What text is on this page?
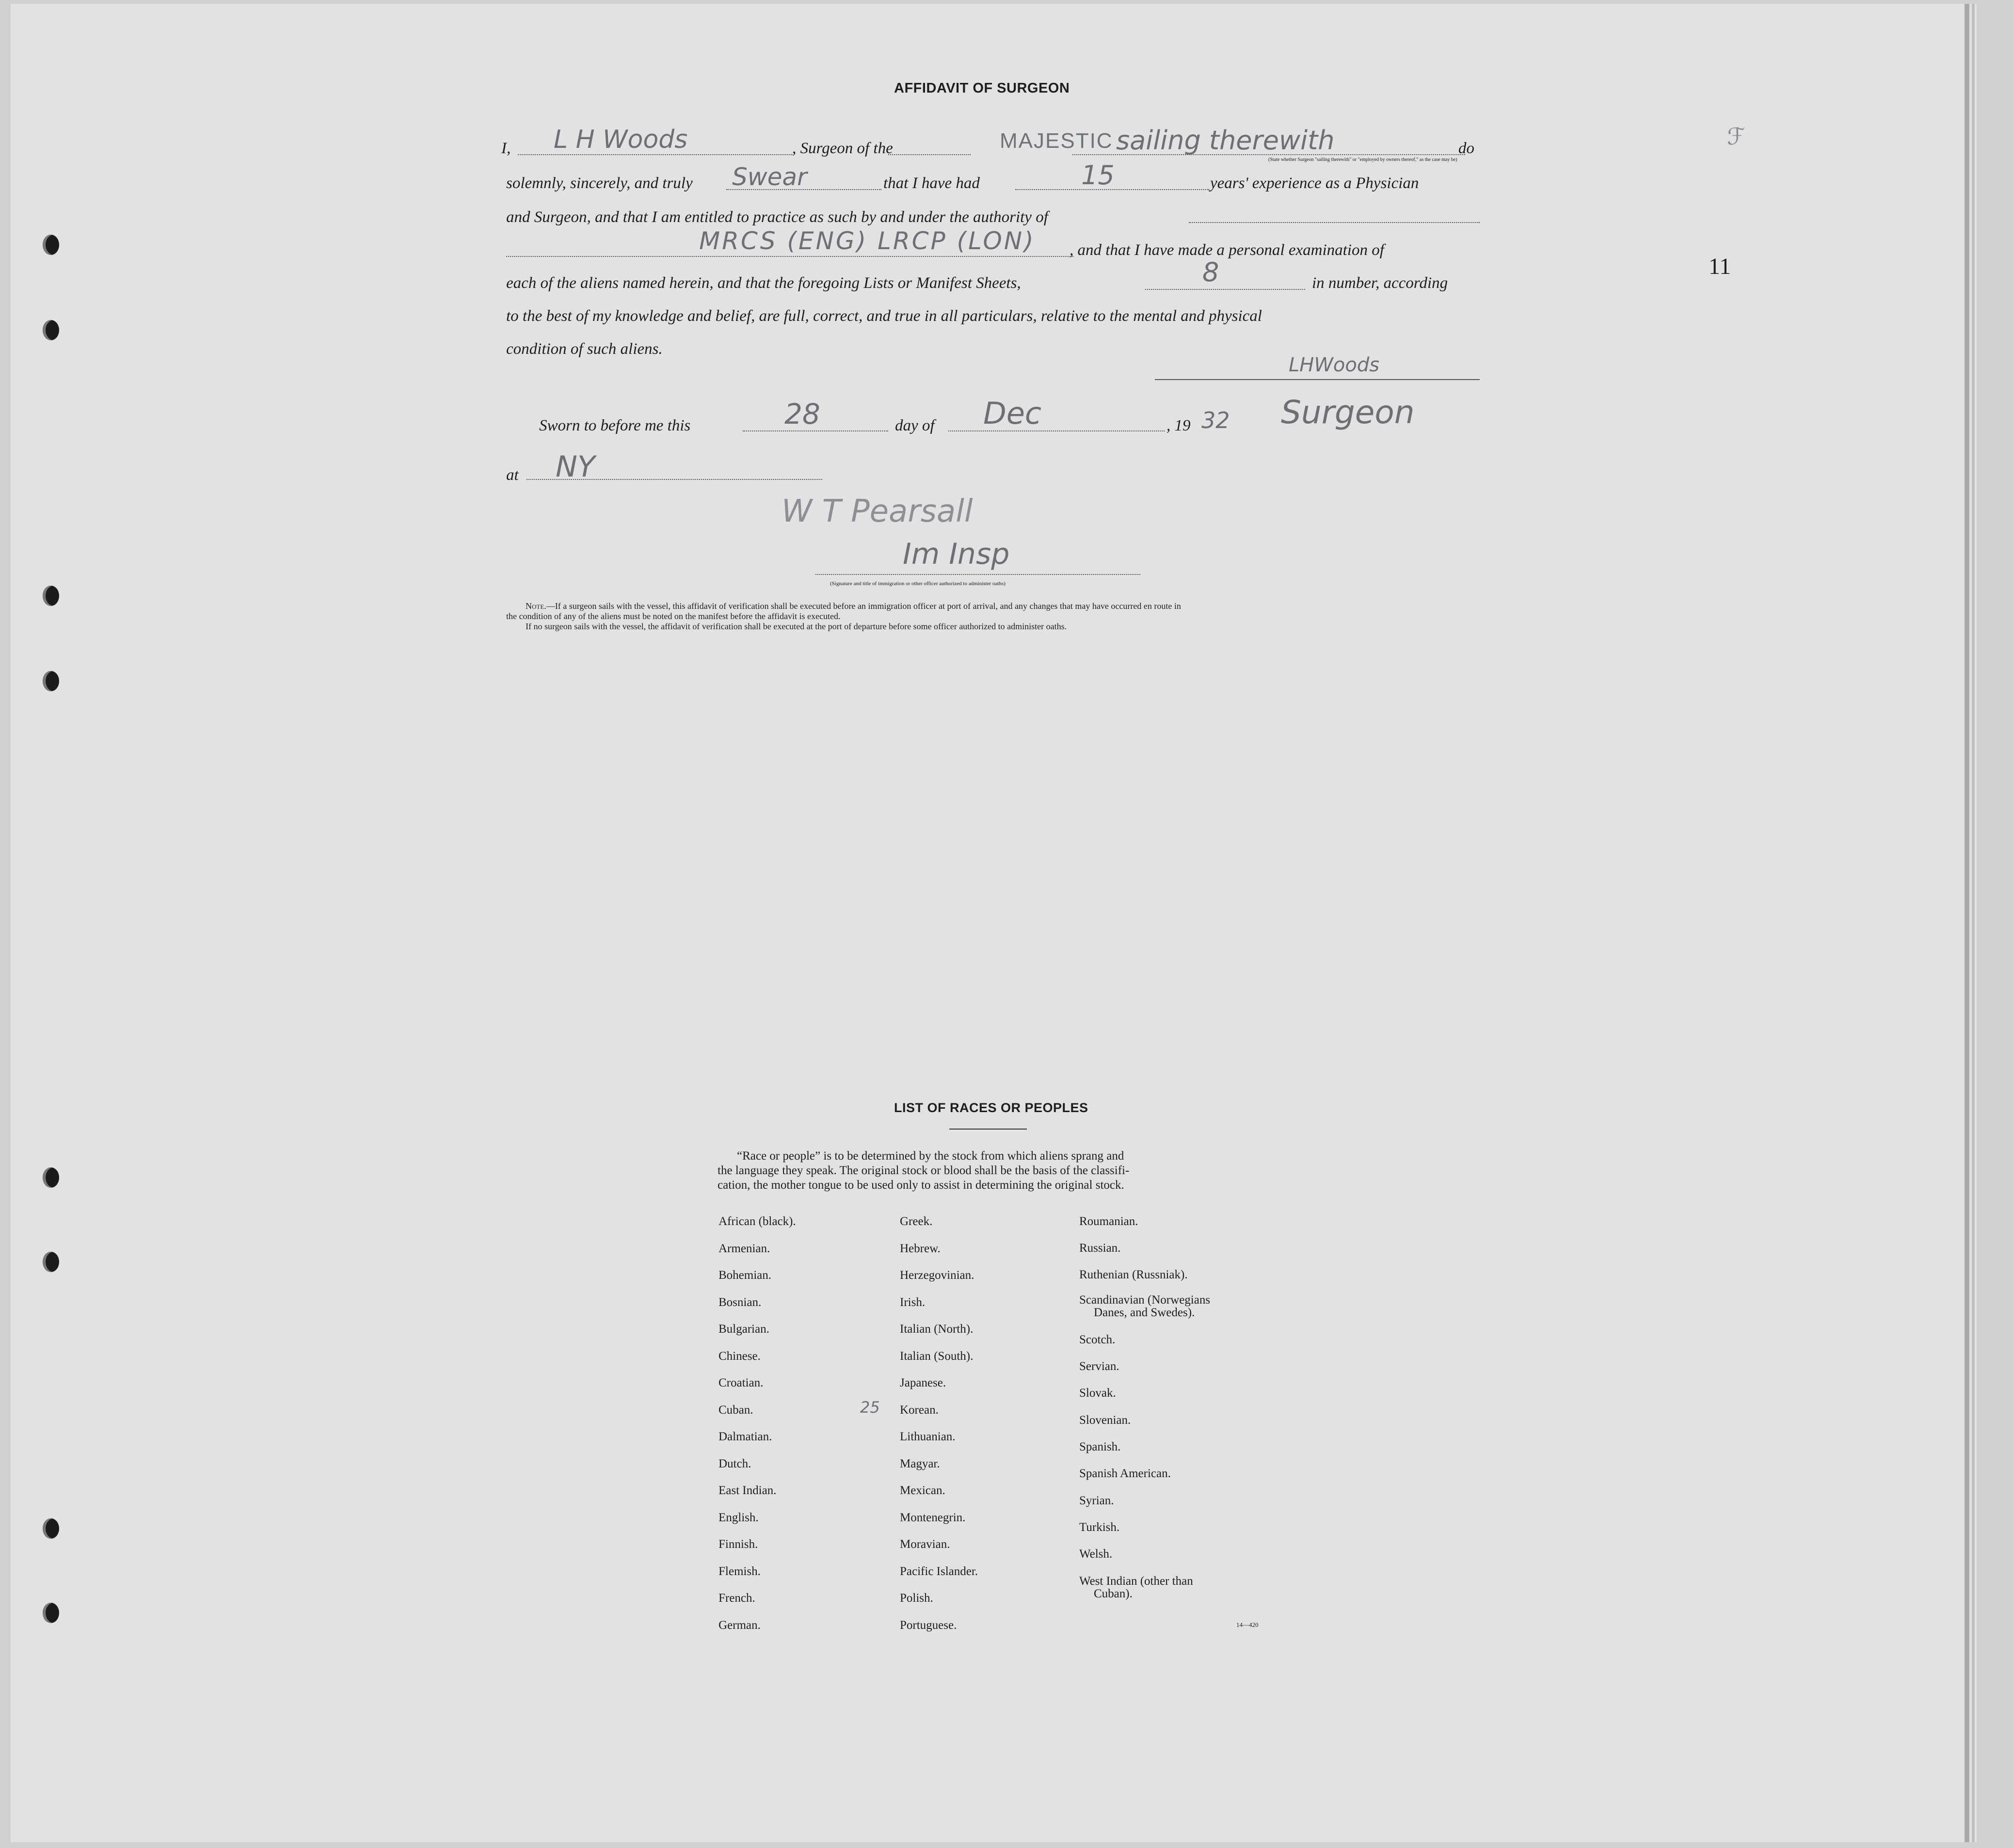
ℱ
11
AFFIDAVIT OF SURGEON
I, L H Woods	, Surgeon of the	MAJESTIC sailing therewith	do
(State whether Surgeon "sailing therewith" or "employed by owners thereof," as the case may be)
solemnly, sincerely, and truly Swear	that I have had	15	years' experience as a Physician
and Surgeon, and that I am entitled to practice as such by and under the authority of
MRCS (ENG) LRCP (LON) , and that I have made a personal examination of
each of the aliens named herein, and that the foregoing Lists or Manifest Sheets,	8	in number, according
to the best of my knowledge and belief, are full, correct, and true in all particulars, relative to the mental and physical
condition of such aliens.
LHWoods
Sworn to before me this	28	day of Dec	, 19 32 Surgeon
at NY
W T Pearsall
Im Insp
(Signature and title of immigration or other officer authorized to administer oaths)
Note.—If a surgeon sails with the vessel, this affidavit of verification shall be executed before an immigration officer at port of arrival, and any changes that may have occurred en route in
the condition of any of the aliens must be noted on the manifest before the affidavit is executed.
If no surgeon sails with the vessel, the affidavit of verification shall be executed at the port of departure before some officer authorized to administer oaths.
LIST OF RACES OR PEOPLES
“Race or people” is to be determined by the stock from which aliens sprang and
the language they speak. The original stock or blood shall be the basis of the classifi-
cation, the mother tongue to be used only to assist in determining the original stock.
25
14—420
African (black).
Armenian.
Bohemian.
Bosnian.
Bulgarian.
Chinese.
Croatian.
Cuban.
Dalmatian.
Dutch.
East Indian.
English.
Finnish.
Flemish.
French.
German.
Greek.
Hebrew.
Herzegovinian.
Irish.
Italian (North).
Italian (South).
Japanese.
Korean.
Lithuanian.
Magyar.
Mexican.
Montenegrin.
Moravian.
Pacific Islander.
Polish.
Portuguese.
Roumanian.
Russian.
Ruthenian (Russniak).
Scandinavian (Norwegians
Danes, and Swedes).
Scotch.
Servian.
Slovak.
Slovenian.
Spanish.
Spanish American.
Syrian.
Turkish.
Welsh.
West Indian (other than
Cuban).
